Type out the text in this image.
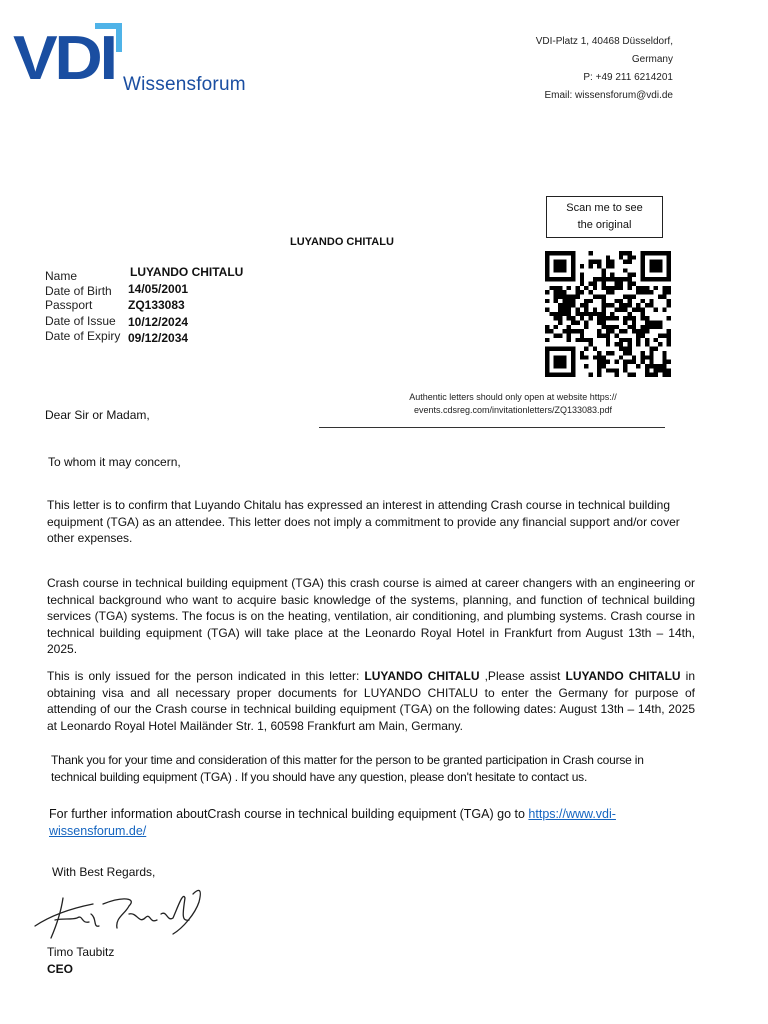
VDI Wissensforum
VDI-Platz 1, 40468 Düsseldorf,
Germany
P: +49 211 6214201
Email: wissensforum@vdi.de
Scan me to see
the original
Authentic letters should only open at website https://
events.cdsreg.com/invitationletters/ZQ133083.pdf
LUYANDO CHITALU
Name	LUYANDO CHITALU
Date of Birth 14/05/2001
Passport	ZQ133083
Date of Issue 10/12/2024
Date of Expiry 09/12/2034
Dear Sir or Madam,
To whom it may concern,
This letter is to confirm that Luyando Chitalu has expressed an interest in attending Crash course in technical building equipment (TGA) as an attendee. This letter does not imply a commitment to provide any financial support and/or cover other expenses.
Crash course in technical building equipment (TGA) this crash course is aimed at career changers with an engineering or technical background who want to acquire basic knowledge of the systems, planning, and function of technical building services (TGA) systems. The focus is on the heating, ventilation, air conditioning, and plumbing systems. Crash course in technical building equipment (TGA) will take place at the Leonardo Royal Hotel in Frankfurt from August 13th – 14th, 2025.
This is only issued for the person indicated in this letter: LUYANDO CHITALU ,Please assist LUYANDO CHITALU in obtaining visa and all necessary proper documents for LUYANDO CHITALU to enter the Germany for purpose of attending of our the Crash course in technical building equipment (TGA) on the following dates: August 13th – 14th, 2025 at Leonardo Royal Hotel Mailänder Str. 1, 60598 Frankfurt am Main, Germany.
Thank you for your time and consideration of this matter for the person to be granted participation in Crash course in technical building equipment (TGA) . If you should have any question, please don't hesitate to contact us.
For further information aboutCrash course in technical building equipment (TGA) go to https://www.vdi-wissensforum.de/
With Best Regards,
Timo Taubitz
CEO
